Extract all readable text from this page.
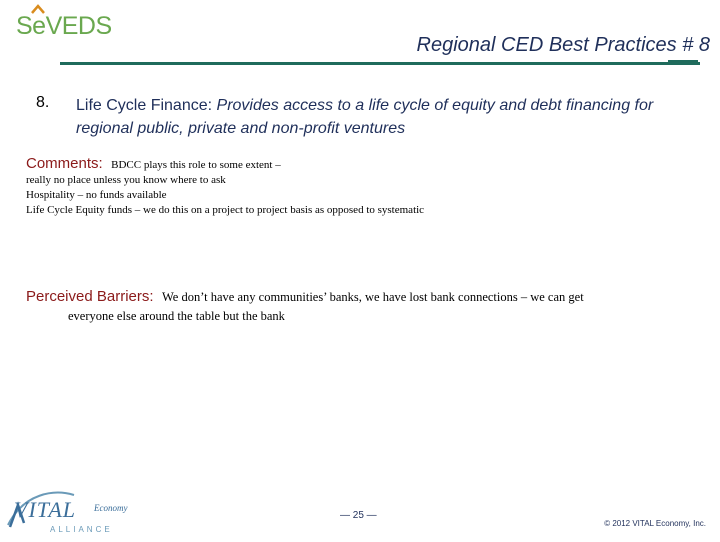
SeVEDS
Regional CED Best Practices # 8
8. Life Cycle Finance: Provides access to a life cycle of equity and debt financing for regional public, private and non-profit ventures
Comments: BDCC plays this role to some extent –
really no place unless you know where to ask
Hospitality – no funds available
Life Cycle Equity funds – we do this on a project to project basis as opposed to systematic
Perceived Barriers: We don’t have any communities’ banks, we have lost bank connections – we can get
everyone else around the table but the bank
VITAL Economy
ALLIANCE
— 25 —
© 2012 VITAL Economy, Inc.
